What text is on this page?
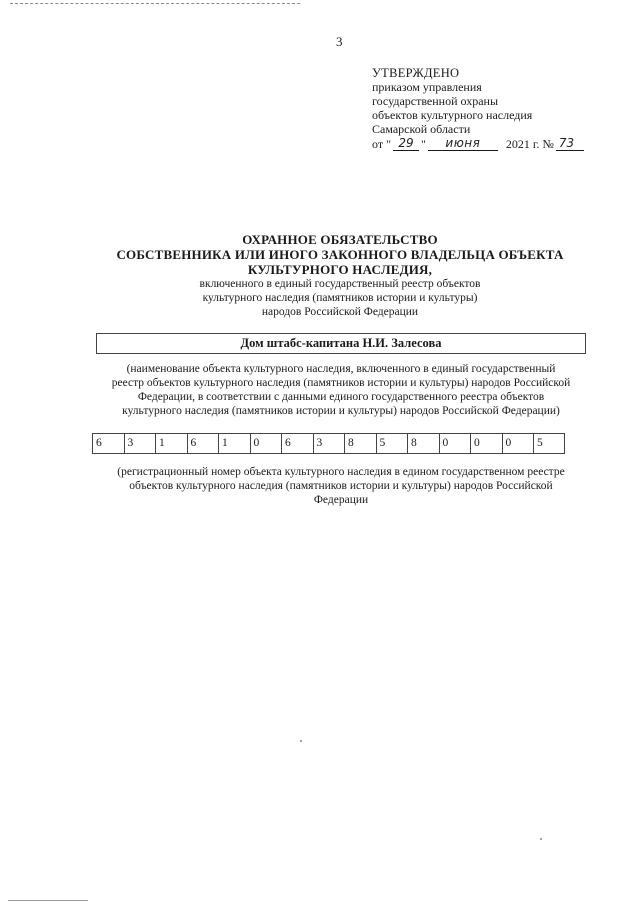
3
УТВЕРЖДЕНО
приказом управления
государственной охраны
объектов культурного наследия
Самарской области
от " 29 "	июня	2021 г. № 73
ОХРАННОЕ ОБЯЗАТЕЛЬСТВО
СОБСТВЕННИКА ИЛИ ИНОГО ЗАКОННОГО ВЛАДЕЛЬЦА ОБЪЕКТА
КУЛЬТУРНОГО НАСЛЕДИЯ,
включенного в единый государственный реестр объектов
культурного наследия (памятников истории и культуры)
народов Российской Федерации
Дом штабс-капитана Н.И. Залесова
(наименование объекта культурного наследия, включенного в единый государственный
реестр объектов культурного наследия (памятников истории и культуры) народов Российской
Федерации, в соответствии с данными единого государственного реестра объектов
культурного наследия (памятников истории и культуры) народов Российской Федерации)
6	3	1	6	1	0	6	3	8	5	8	0	0	0	5
(регистрационный номер объекта культурного наследия в едином государственном реестре
объектов культурного наследия (памятников истории и культуры) народов Российской
Федерации
